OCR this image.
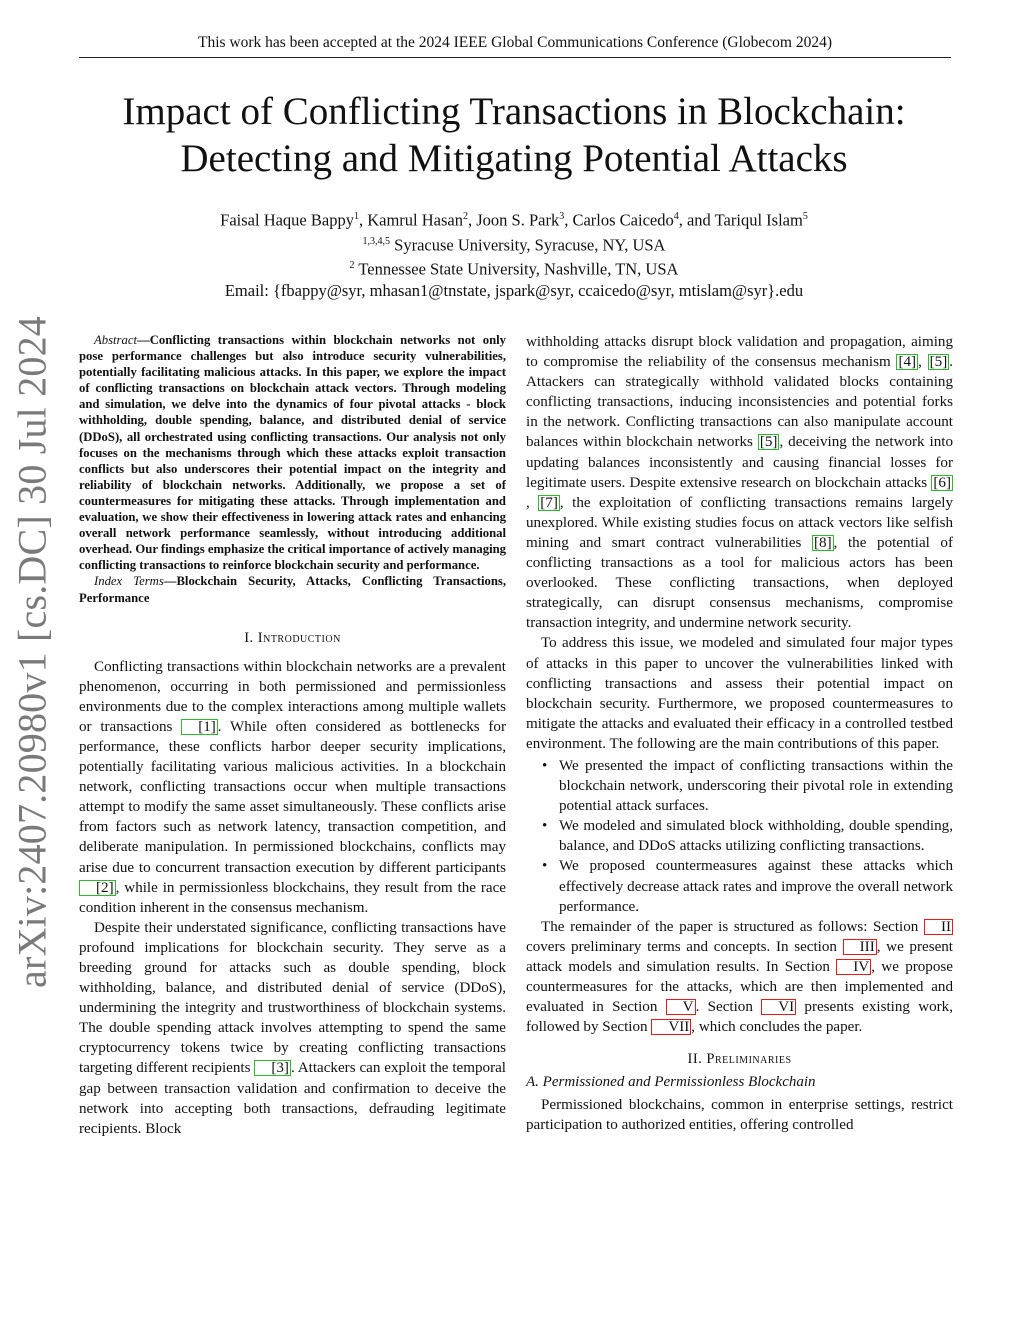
This work has been accepted at the 2024 IEEE Global Communications Conference (Globecom 2024)
arXiv:2407.20980v1 [cs.DC] 30 Jul 2024
Impact of Conflicting Transactions in Blockchain:
Detecting and Mitigating Potential Attacks
Faisal Haque Bappy$^1$, Kamrul Hasan$^2$, Joon S. Park$^3$, Carlos Caicedo$^4$, and Tariqul Islam$^5$
$^{1,3,4,5}$ Syracuse University, Syracuse, NY, USA
$^2$ Tennessee State University, Nashville, TN, USA
Email: {fbappy@syr, mhasan1@tnstate, jspark@syr, ccaicedo@syr, mtislam@syr}.edu

Abstract—Conflicting transactions within blockchain networks not only pose performance challenges but also introduce security vulnerabilities, potentially facilitating malicious attacks. In this paper, we explore the impact of conflicting transactions on blockchain attack vectors. Through modeling and simulation, we delve into the dynamics of four pivotal attacks - block withholding, double spending, balance, and distributed denial of service (DDoS), all orchestrated using conflicting transactions. Our analysis not only focuses on the mechanisms through which these attacks exploit transaction conflicts but also underscores their potential impact on the integrity and reliability of blockchain networks. Additionally, we propose a set of countermeasures for mitigating these attacks. Through implementation and evaluation, we show their effectiveness in lowering attack rates and enhancing overall network performance seamlessly, without introducing additional overhead. Our findings emphasize the critical importance of actively managing conflicting transactions to reinforce blockchain security and performance.

Index Terms—Blockchain Security, Attacks, Conflicting Transactions, Performance

I. Introduction

Conflicting transactions within blockchain networks are a prevalent phenomenon, occurring in both permissioned and permissionless environments due to the complex interactions among multiple wallets or transactions [1] . While often considered as bottlenecks for performance, these conflicts harbor deeper security implications, potentially facilitating various malicious activities. In a blockchain network, conflicting transactions occur when multiple transactions attempt to modify the same asset simultaneously. These conflicts arise from factors such as network latency, transaction competition, and deliberate manipulation. In permissioned blockchains, conflicts may arise due to concurrent transaction execution by different participants [2] , while in permissionless blockchains, they result from the race condition inherent in the consensus mechanism.

Despite their understated significance, conflicting transactions have profound implications for blockchain security. They serve as a breeding ground for attacks such as double spending, block withholding, balance, and distributed denial of service (DDoS), undermining the integrity and trustworthiness of blockchain systems. The double spending attack involves attempting to spend the same cryptocurrency tokens twice by creating conflicting transactions targeting different recipients [3] . Attackers can exploit the temporal gap between transaction validation and confirmation to deceive the network into accepting both transactions, defrauding legitimate recipients. Block

withholding attacks disrupt block validation and propagation, aiming to compromise the reliability of the consensus mechanism [4] , [5] . Attackers can strategically withhold validated blocks containing conflicting transactions, inducing inconsistencies and potential forks in the network. Conflicting transactions can also manipulate account balances within blockchain networks [5] , deceiving the network into updating balances inconsistently and causing financial losses for legitimate users. Despite extensive research on blockchain attacks [6], [7] , the exploitation of conflicting transactions remains largely unexplored. While existing studies focus on attack vectors like selfish mining and smart contract vulnerabilities [8] , the potential of conflicting transactions as a tool for malicious actors has been overlooked. These conflicting transactions, when deployed strategically, can disrupt consensus mechanisms, compromise transaction integrity, and undermine network security.

To address this issue, we modeled and simulated four major types of attacks in this paper to uncover the vulnerabilities linked with conflicting transactions and assess their potential impact on blockchain security. Furthermore, we proposed countermeasures to mitigate the attacks and evaluated their efficacy in a controlled testbed environment. The following are the main contributions of this paper.

• We presented the impact of conflicting transactions within the blockchain network, underscoring their pivotal role in extending potential attack surfaces.
• We modeled and simulated block withholding, double spending, balance, and DDoS attacks utilizing conflicting transactions.
• We proposed countermeasures against these attacks which effectively decrease attack rates and improve the overall network performance.

The remainder of the paper is structured as follows: Section II covers preliminary terms and concepts. In section III , we present attack models and simulation results. In Section IV , we propose countermeasures for the attacks, which are then implemented and evaluated in Section V . Section VI presents existing work, followed by Section VII , which concludes the paper.

II. Preliminaries
A. Permissioned and Permissionless Blockchain

Permissioned blockchains, common in enterprise settings, restrict participation to authorized entities, offering controlled
